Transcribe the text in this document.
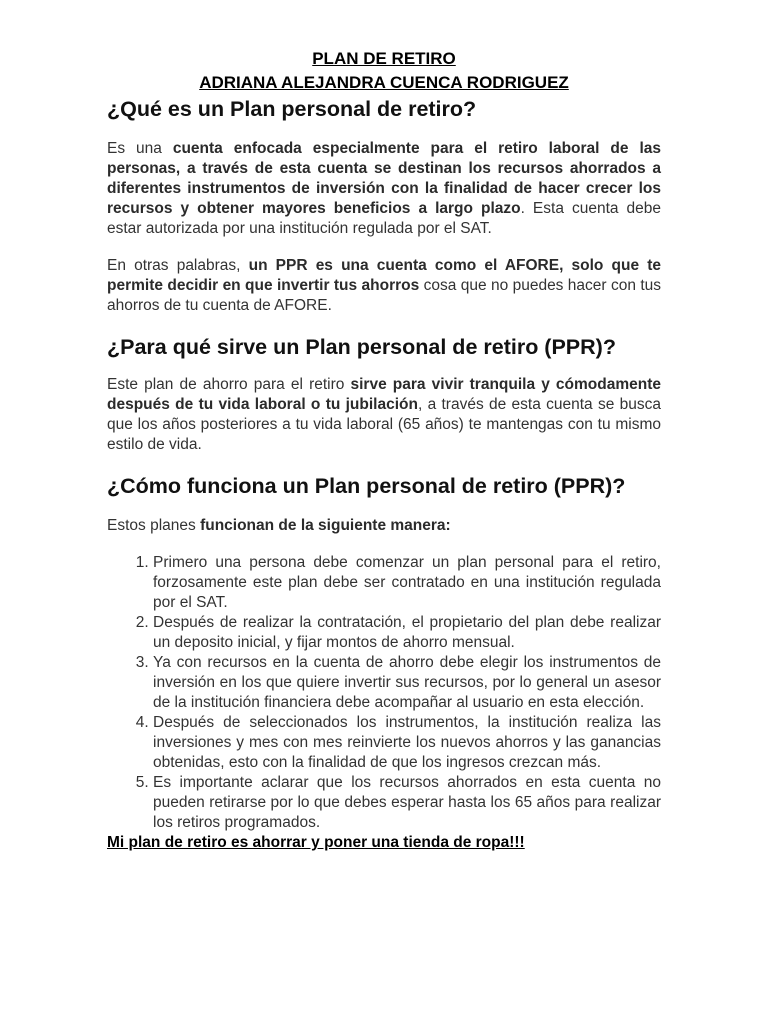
PLAN DE RETIRO
ADRIANA ALEJANDRA CUENCA RODRIGUEZ
¿Qué es un Plan personal de retiro?

Es una cuenta enfocada especialmente para el retiro laboral de las personas, a través de esta cuenta se destinan los recursos ahorrados a diferentes instrumentos de inversión con la finalidad de hacer crecer los recursos y obtener mayores beneficios a largo plazo. Esta cuenta debe estar autorizada por una institución regulada por el SAT.

En otras palabras, un PPR es una cuenta como el AFORE, solo que te permite decidir en que invertir tus ahorros cosa que no puedes hacer con tus ahorros de tu cuenta de AFORE.

¿Para qué sirve un Plan personal de retiro (PPR)?

Este plan de ahorro para el retiro sirve para vivir tranquila y cómodamente después de tu vida laboral o tu jubilación, a través de esta cuenta se busca que los años posteriores a tu vida laboral (65 años) te mantengas con tu mismo estilo de vida.

¿Cómo funciona un Plan personal de retiro (PPR)?

Estos planes funcionan de la siguiente manera:

1. Primero una persona debe comenzar un plan personal para el retiro, forzosamente este plan debe ser contratado en una institución regulada por el SAT.
2. Después de realizar la contratación, el propietario del plan debe realizar un deposito inicial, y fijar montos de ahorro mensual.
3. Ya con recursos en la cuenta de ahorro debe elegir los instrumentos de inversión en los que quiere invertir sus recursos, por lo general un asesor de la institución financiera debe acompañar al usuario en esta elección.
4. Después de seleccionados los instrumentos, la institución realiza las inversiones y mes con mes reinvierte los nuevos ahorros y las ganancias obtenidas, esto con la finalidad de que los ingresos crezcan más.
5. Es importante aclarar que los recursos ahorrados en esta cuenta no pueden retirarse por lo que debes esperar hasta los 65 años para realizar los retiros programados.

Mi plan de retiro es ahorrar y poner una tienda de ropa!!!
